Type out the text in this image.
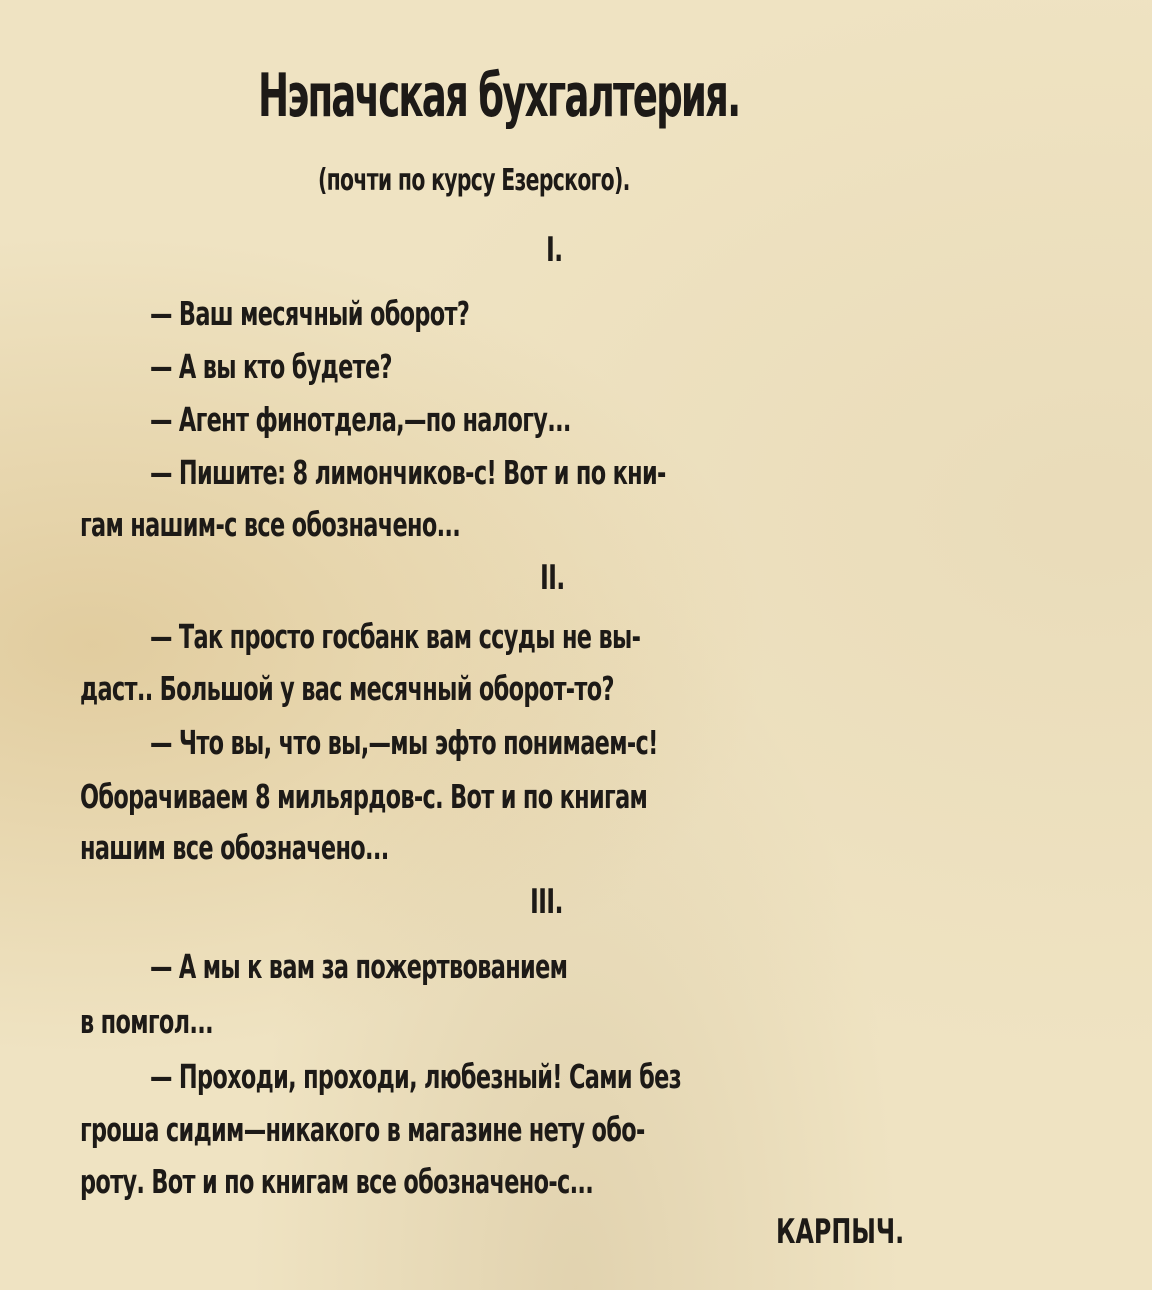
Нэпачская бухгалтерия.
(почти по курсу Езерского).
I.
— Ваш месячный оборот?
— А вы кто будете?
— Агент финотдела,—по налогу...
— Пишите: 8 лимончиков-с! Вот и по кни-
гам нашим-с все обозначено...
II.
— Так просто госбанк вам ссуды не вы-
даст.. Большой у вас месячный оборот-то?
— Что вы, что вы,—мы эфто понимаем-с!
Оборачиваем 8 мильярдов-с. Вот и по книгам
нашим все обозначено...
III.
— А мы к вам за пожертвованием
в помгол...
— Проходи, проходи, любезный! Сами без
гроша сидим—никакого в магазине нету обо-
роту. Вот и по книгам все обозначено-с...
КАРПЫЧ.
